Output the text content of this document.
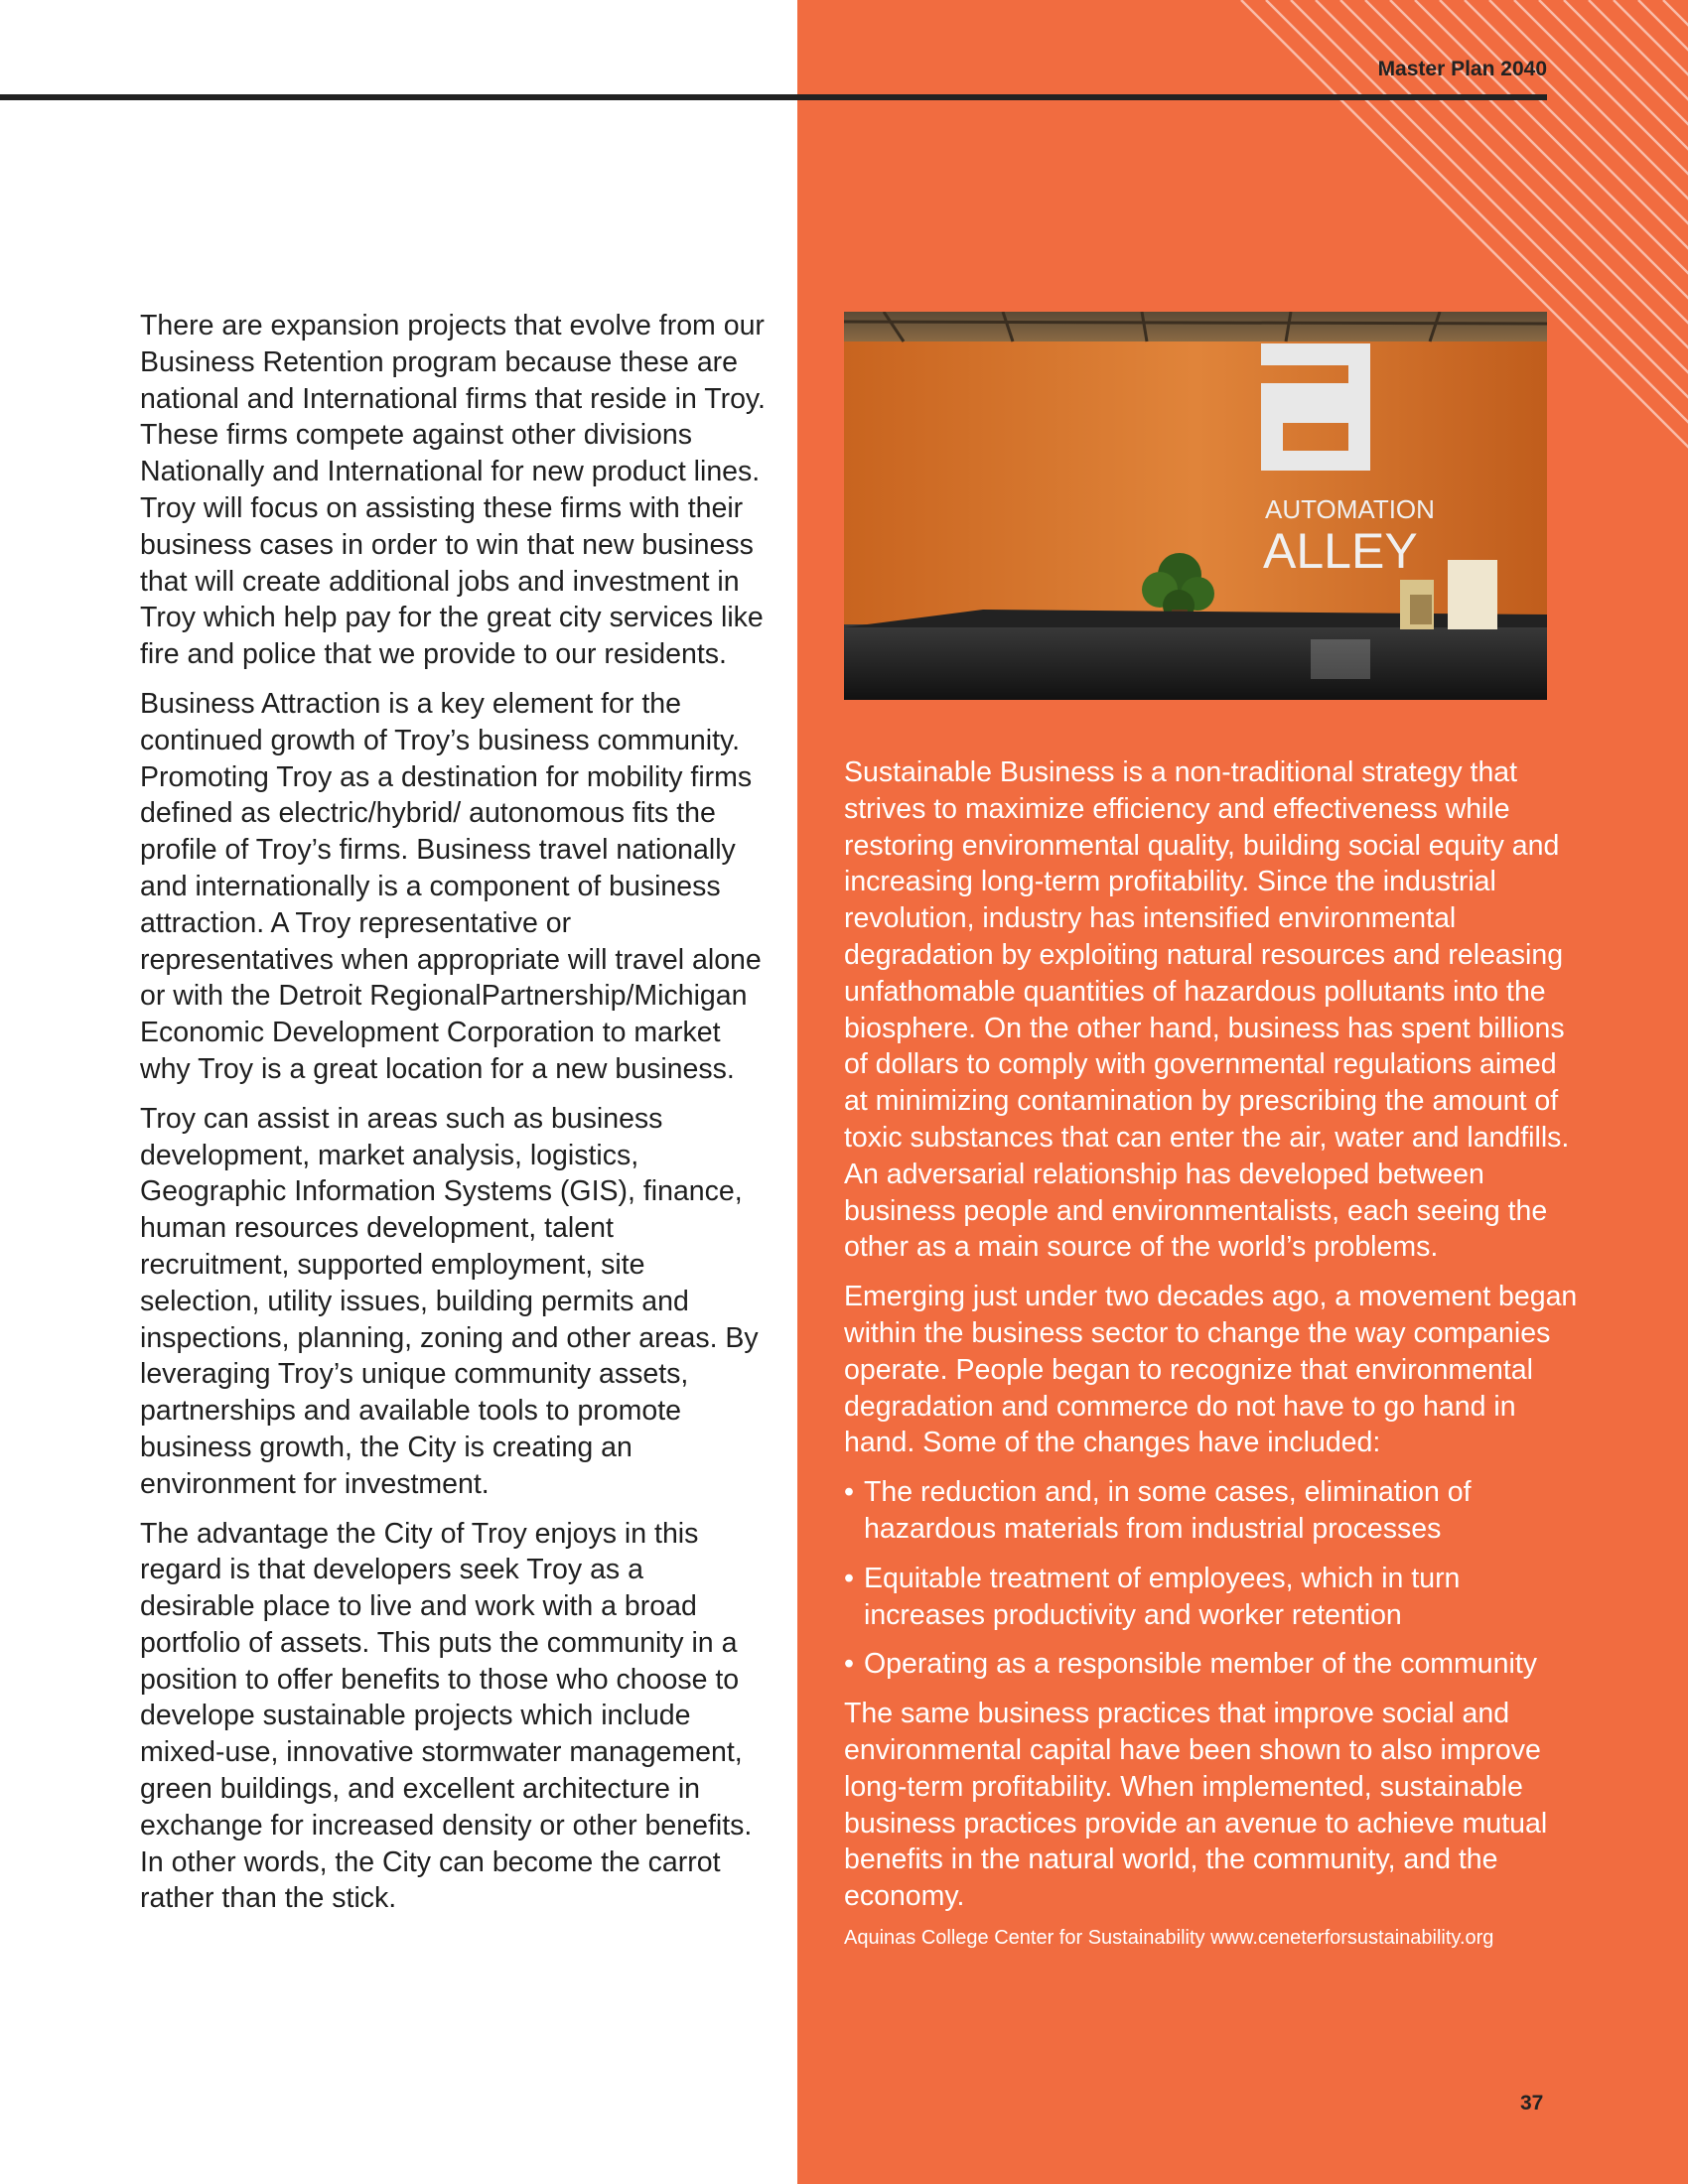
Master Plan 2040

There are expansion projects that evolve from our Business Retention program because these are national and International firms that reside in Troy. These firms compete against other divisions Nationally and International for new product lines. Troy will focus on assisting these firms with their business cases in order to win that new business that will create additional jobs and investment in Troy which help pay for the great city services like fire and police that we provide to our residents.

Business Attraction is a key element for the continued growth of Troy’s business community. Promoting Troy as a destination for mobility firms defined as electric/hybrid/ autonomous fits the profile of Troy’s firms. Business travel nationally and internationally is a component of business attraction. A Troy representative or representatives when appropriate will travel alone or with the Detroit RegionalPartnership/Michigan Economic Development Corporation to market why Troy is a great location for a new business.

Troy can assist in areas such as business development, market analysis, logistics, Geographic Information Systems (GIS), finance, human resources development, talent recruitment, supported employment, site selection, utility issues, building permits and inspections, planning, zoning and other areas. By leveraging Troy’s unique community assets, partnerships and available tools to promote business growth, the City is creating an environment for investment.

The advantage the City of Troy enjoys in this regard is that developers seek Troy as a desirable place to live and work with a broad portfolio of assets. This puts the community in a position to offer benefits to those who choose to develope sustainable projects which include mixed-use, innovative stormwater management, green buildings, and excellent architecture in exchange for increased density or other benefits. In other words, the City can become the carrot rather than the stick.

AUTOMATION
ALLEY

Sustainable Business is a non-traditional strategy that strives to maximize efficiency and effectiveness while restoring environmental quality, building social equity and increasing long-term profitability. Since the industrial revolution, industry has intensified environmental degradation by exploiting natural resources and releasing unfathomable quantities of hazardous pollutants into the biosphere. On the other hand, business has spent billions of dollars to comply with governmental regulations aimed at minimizing contamination by prescribing the amount of toxic substances that can enter the air, water and landfills. An adversarial relationship has developed between business people and environmentalists, each seeing the other as a main source of the world’s problems.

Emerging just under two decades ago, a movement began within the business sector to change the way companies operate. People began to recognize that environmental degradation and commerce do not have to go hand in hand. Some of the changes have included:

• The reduction and, in some cases, elimination of hazardous materials from industrial processes
• Equitable treatment of employees, which in turn increases productivity and worker retention
• Operating as a responsible member of the community

The same business practices that improve social and environmental capital have been shown to also improve long-term profitability. When implemented, sustainable business practices provide an avenue to achieve mutual benefits in the natural world, the community, and the economy.

Aquinas College Center for Sustainability www.ceneterforsustainability.org
37
